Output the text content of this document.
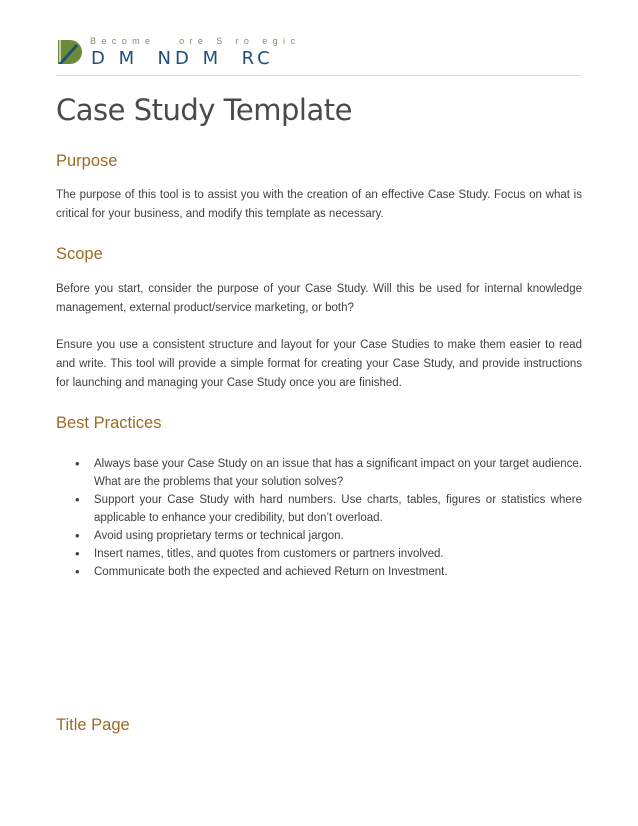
Become   ore S ro egic
D M  ND M  RC
Case Study Template
Purpose

The purpose of this tool is to assist you with the creation of an effective Case Study. Focus on what is critical for your business, and modify this template as necessary.

Scope

Before you start, consider the purpose of your Case Study. Will this be used for internal knowledge management, external product/service marketing, or both?

Ensure you use a consistent structure and layout for your Case Studies to make them easier to read and write. This tool will provide a simple format for creating your Case Study, and provide instructions for launching and managing your Case Study once you are finished.

Best Practices
• Always base your Case Study on an issue that has a significant impact on your target audience. What are the problems that your solution solves?
• Support your Case Study with hard numbers. Use charts, tables, figures or statistics where applicable to enhance your credibility, but don’t overload.
• Avoid using proprietary terms or technical jargon.
• Insert names, titles, and quotes from customers or partners involved.
• Communicate both the expected and achieved Return on Investment.
Title Page
